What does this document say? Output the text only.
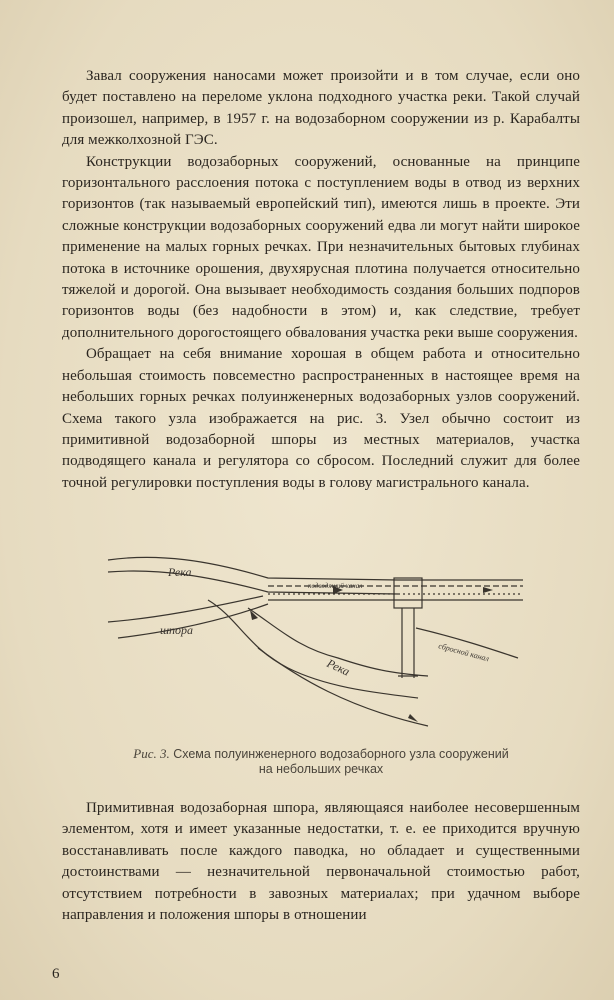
Завал сооружения наносами может произойти и в том случае, если оно будет поставлено на переломе уклона подходного участка реки. Такой случай произошел, например, в 1957 г. на водозаборном сооружении из р. Карабалты для межколхозной ГЭС.

Конструкции водозаборных сооружений, основанные на принципе горизонтального расслоения потока с поступлением воды в отвод из верхних горизонтов (так называемый европейский тип), имеются лишь в проекте. Эти сложные конструкции водозаборных сооружений едва ли могут найти широкое применение на малых горных речках. При незначительных бытовых глубинах потока в источнике орошения, двухярусная плотина получается относительно тяжелой и дорогой. Она вызывает необходимость создания больших подпоров горизонтов воды (без надобности в этом) и, как следствие, требует дополнительного дорогостоящего обвалования участка реки выше сооружения.

Обращает на себя внимание хорошая в общем работа и относительно небольшая стоимость повсеместно распространенных в настоящее время на небольших горных речках полуинженерных водозаборных узлов сооружений. Схема такого узла изображается на рис. 3. Узел обычно состоит из примитивной водозаборной шпоры из местных материалов, участка подводящего канала и регулятора со сбросом. Последний служит для более точной регулировки поступления воды в голову магистрального канала.

Река
шпора
Река
подводящий канал
сбросной канал
Рис. 3. Схема полуинженерного водозаборного узла сооружений
на небольших речках

Примитивная водозаборная шпора, являющаяся наиболее несовершенным элементом, хотя и имеет указанные недостатки, т. е. ее приходится вручную восстанавливать после каждого паводка, но обладает и существенными достоинствами — незначительной первоначальной стоимостью работ, отсутствием потребности в завозных материалах; при удачном выборе направления и положения шпоры в отношении

6
